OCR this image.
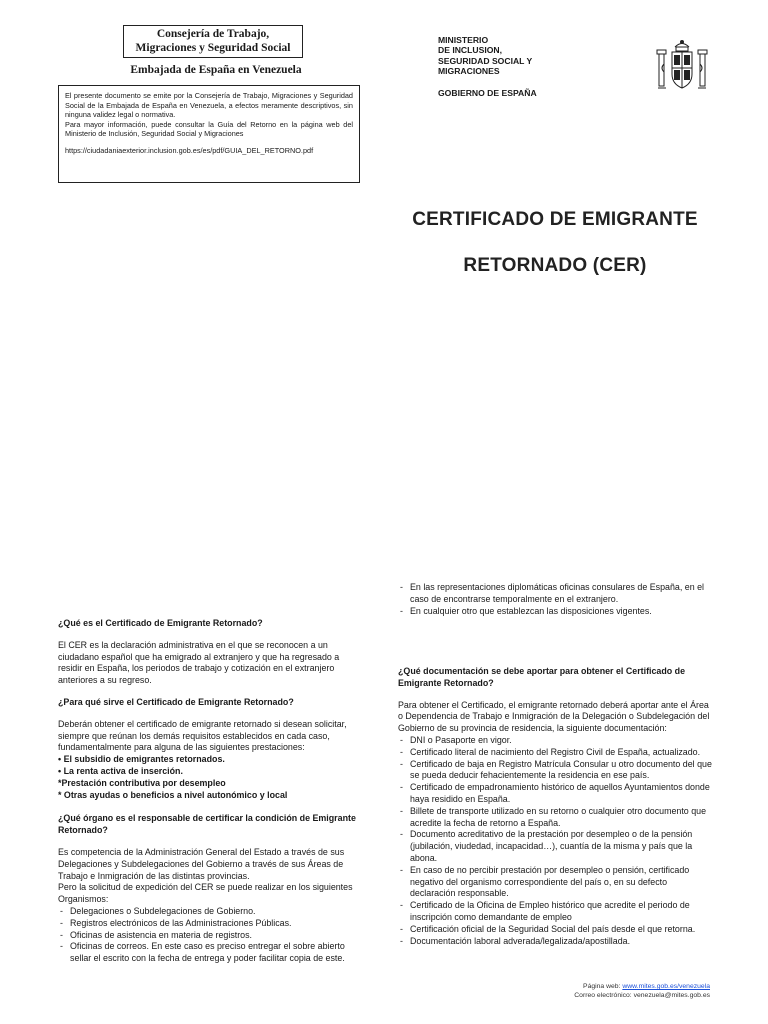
Consejería de Trabajo,
Migraciones y Seguridad Social
Embajada de España en Venezuela

El presente documento se emite por la Consejería de Trabajo, Migraciones y Seguridad Social de la Embajada de España en Venezuela, a efectos meramente descriptivos, sin ninguna validez legal o normativa.

Para mayor información, puede consultar la Guía del Retorno en la página web del Ministerio de Inclusión, Seguridad Social y Migraciones

https://ciudadaniaexterior.inclusion.gob.es/es/pdf/GUIA_DEL_RETORNO.pdf

MINISTERIO
DE INCLUSION,
SEGURIDAD SOCIAL Y
MIGRACIONES
GOBIERNO DE ESPAÑA
CERTIFICADO DE EMIGRANTE
RETORNADO (CER)

¿Qué es el Certificado de Emigrante Retornado?

El CER es la declaración administrativa en el que se reconocen a un ciudadano español que ha emigrado al extranjero y que ha regresado a residir en España, los periodos de trabajo y cotización en el extranjero anteriores a su regreso.

¿Para qué sirve el Certificado de Emigrante Retornado?

Deberán obtener el certificado de emigrante retornado si desean solicitar, siempre que reúnan los demás requisitos establecidos en cada caso, fundamentalmente para alguna de las siguientes prestaciones:

• El subsidio de emigrantes retornados.

• La renta activa de inserción.

*Prestación contributiva por desempleo

* Otras ayudas o beneficios a nivel autonómico y local

¿Qué órgano es el responsable de certificar la condición de Emigrante Retornado?

Es competencia de la Administración General del Estado a través de sus Delegaciones y Subdelegaciones del Gobierno a través de sus Áreas de Trabajo e Inmigración de las distintas provincias.

Pero la solicitud de expedición del CER se puede realizar en los siguientes Organismos:

- Delegaciones o Subdelegaciones de Gobierno.

- Registros electrónicos de las Administraciones Públicas.

- Oficinas de asistencia en materia de registros.

- Oficinas de correos. En este caso es preciso entregar el sobre abierto sellar el escrito con la fecha de entrega y poder facilitar copia de este.

- En las representaciones diplomáticas oficinas consulares de España, en el caso de encontrarse temporalmente en el extranjero.

- En cualquier otro que establezcan las disposiciones vigentes.

¿Qué documentación se debe aportar para obtener el Certificado de Emigrante Retornado?

Para obtener el Certificado, el emigrante retornado deberá aportar ante el Área o Dependencia de Trabajo e Inmigración de la Delegación o Subdelegación del Gobierno de su provincia de residencia, la siguiente documentación:

- DNI o Pasaporte en vigor.

- Certificado literal de nacimiento del Registro Civil de España, actualizado.

- Certificado de baja en Registro Matrícula Consular u otro documento del que se pueda deducir fehacientemente la residencia en ese país.

- Certificado de empadronamiento histórico de aquellos Ayuntamientos donde haya residido en España.

- Billete de transporte utilizado en su retorno o cualquier otro documento que acredite la fecha de retorno a España.

- Documento acreditativo de la prestación por desempleo o de la pensión (jubilación, viudedad, incapacidad…), cuantía de la misma y país que la abona.

- En caso de no percibir prestación por desempleo o pensión, certificado negativo del organismo correspondiente del país o, en su defecto declaración responsable.

- Certificado de la Oficina de Empleo histórico que acredite el periodo de inscripción como demandante de empleo

- Certificación oficial de la Seguridad Social del país desde el que retorna.

- Documentación laboral adverada/legalizada/apostillada.

Página web: www.mites.gob.es/venezuela
Correo electrónico: venezuela@mites.gob.es
